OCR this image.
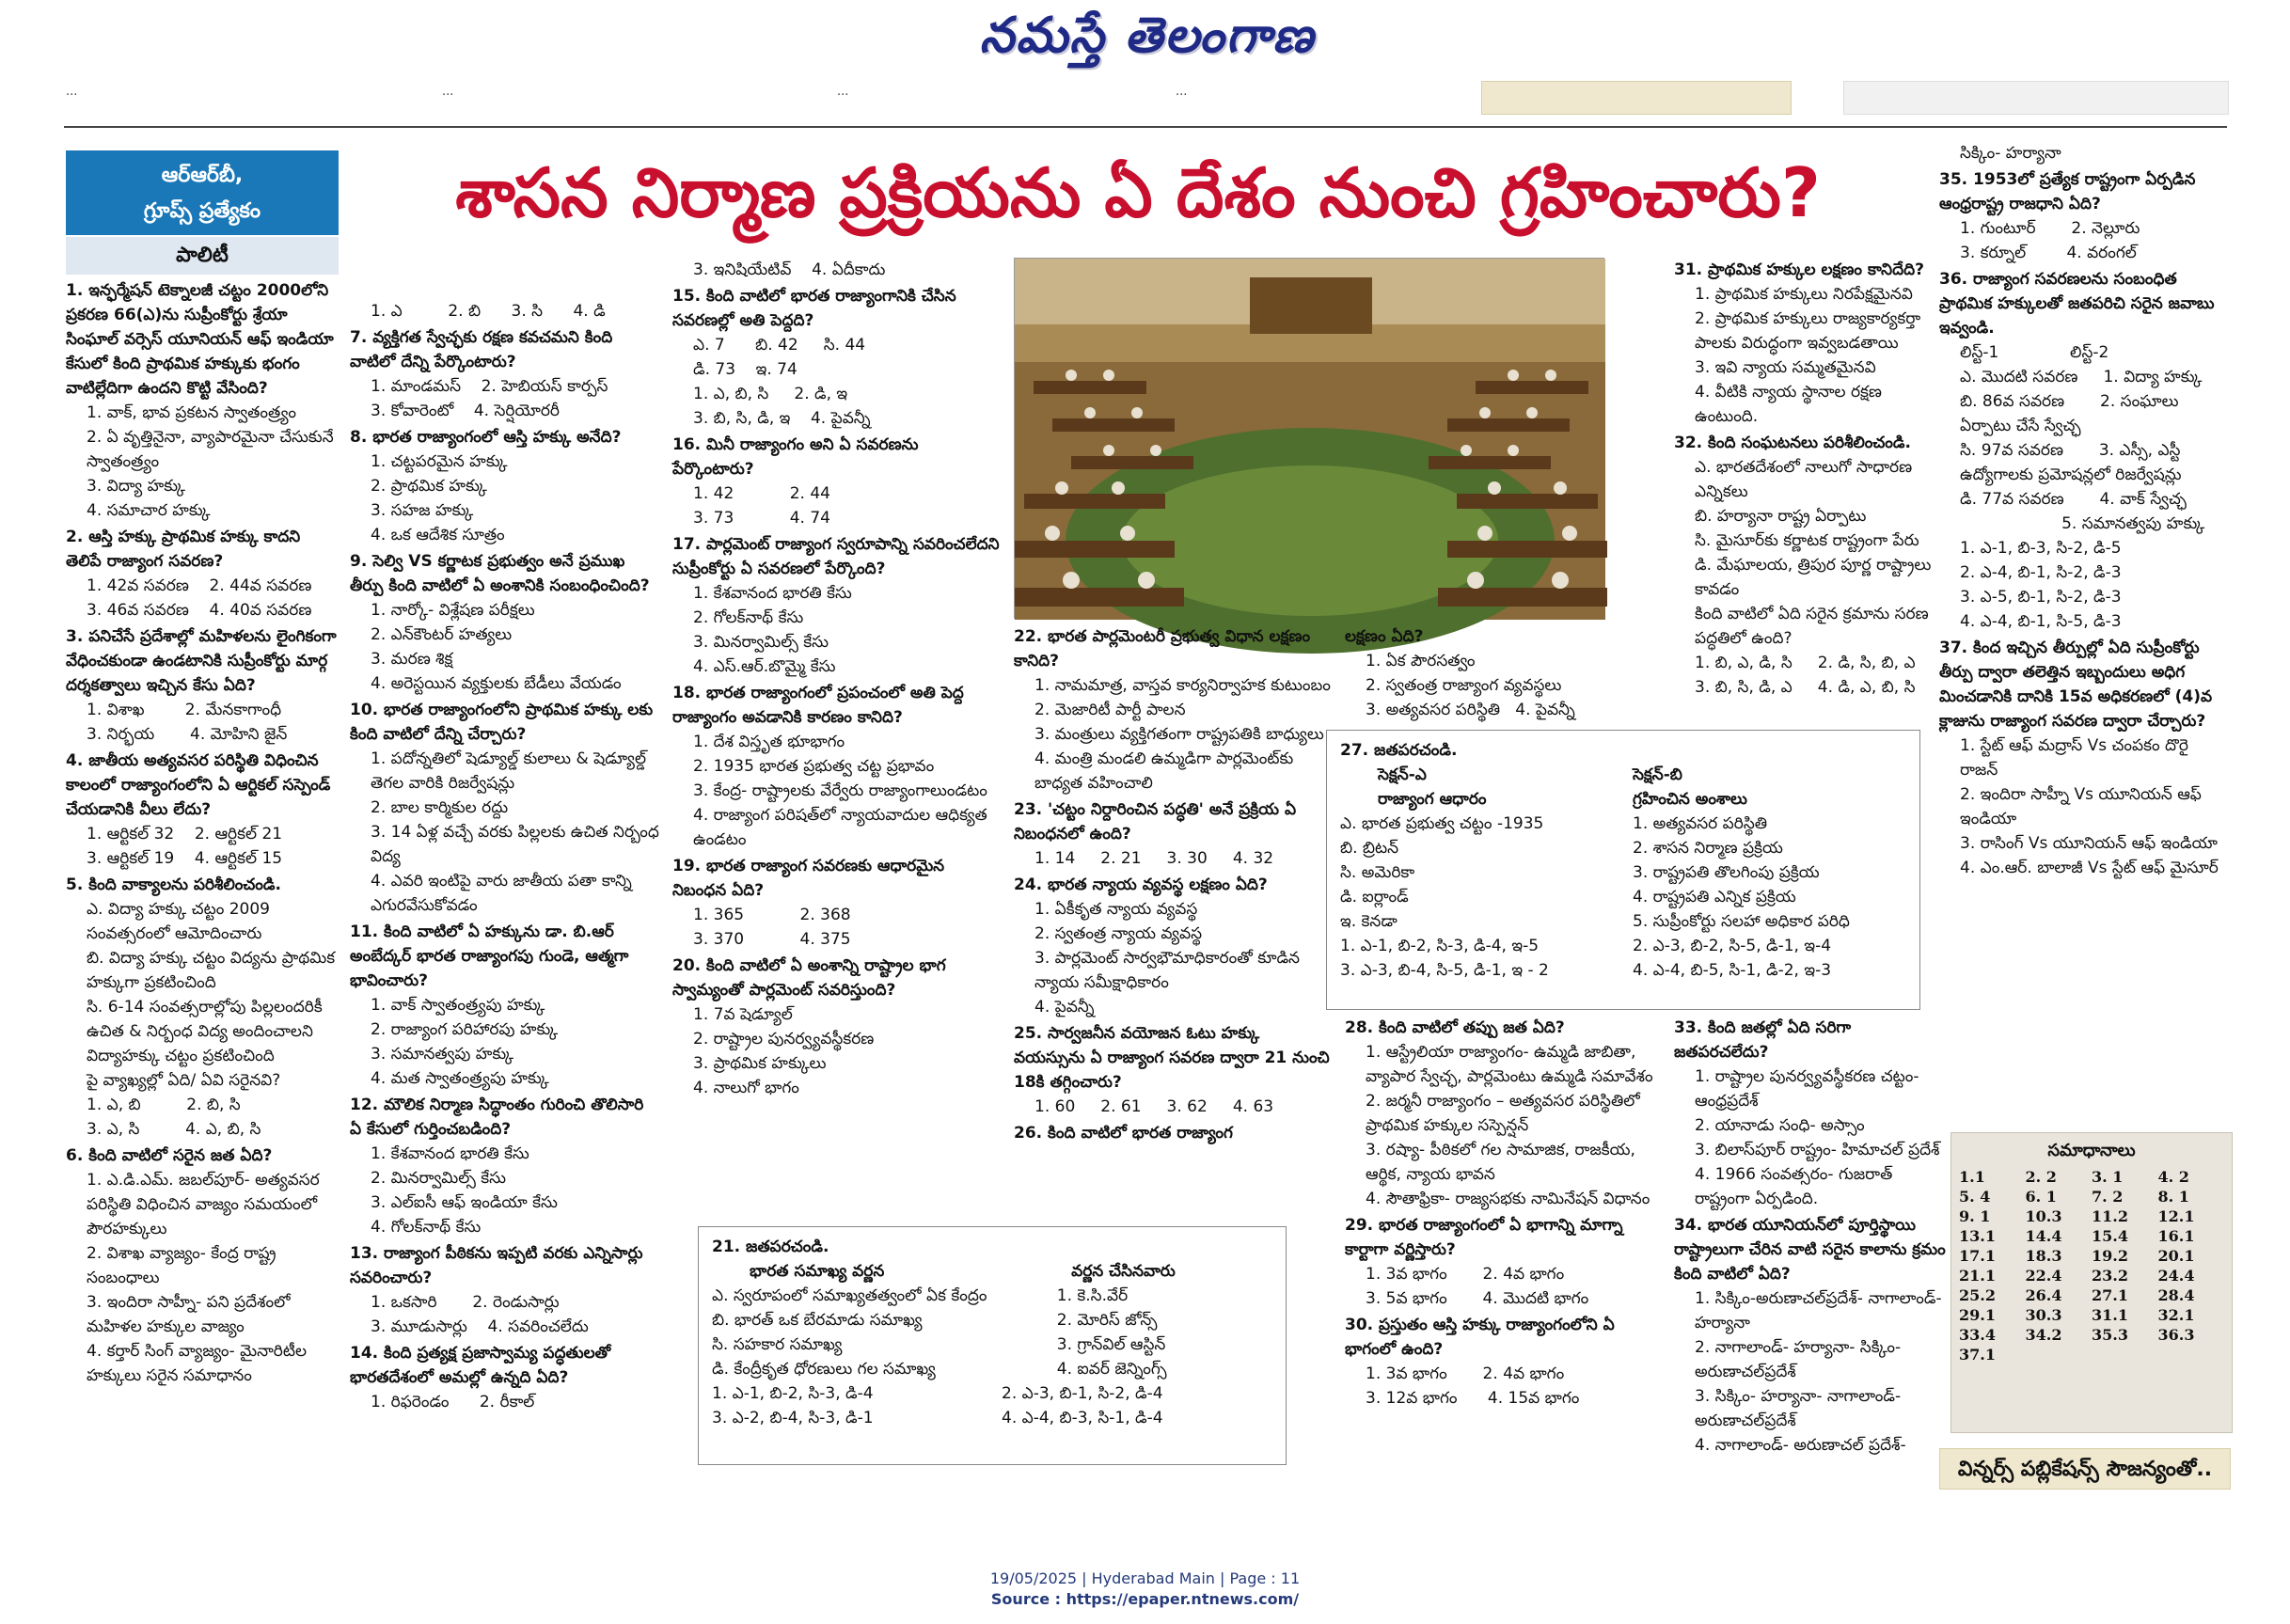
నమస్తే తెలంగాణ
...	...	...	...
ఆర్‌ఆర్‌బీ,
గ్రూప్స్ ప్రత్యేకం
పాలిటీ
శాసన నిర్మాణ ప్రక్రియను ఏ దేశం నుంచి గ్రహించారు?
1. ఇన్ఫర్మేషన్ టెక్నాలజీ చట్టం 2000లోని ప్రకరణ 66(ఎ)ను సుప్రీంకోర్టు శ్రేయా సింఘాల్ వర్సెస్ యూనియన్ ఆఫ్ ఇండియా కేసులో కింది ప్రాథమిక హక్కుకు భంగం వాటిల్లేదిగా ఉందని కొట్టి వేసింది?
1. వాక్, భావ ప్రకటన స్వాతంత్ర్యం
2. ఏ వృత్తినైనా, వ్యాపారమైనా చేసుకునే స్వాతంత్ర్యం
3. విద్యా హక్కు
4. సమాచార హక్కు
2. ఆస్తి హక్కు ప్రాథమిక హక్కు కాదని తెలిపే రాజ్యాంగ సవరణ?
1. 42వ సవరణ    2. 44వ సవరణ
3. 46వ సవరణ    4. 40వ సవరణ
3. పనిచేసే ప్రదేశాల్లో మహిళలను లైంగికంగా వేధించకుండా ఉండటానికి సుప్రీంకోర్టు మార్గ దర్శకత్వాలు ఇచ్చిన కేసు ఏది?
1. విశాఖ        2. మేనకాగాంధీ
3. నిర్భయ       4. మోహిని జైన్
4. జాతీయ అత్యవసర పరిస్థితి విధించిన కాలంలో రాజ్యాంగంలోని ఏ ఆర్టికల్ సస్పెండ్ చేయడానికి వీలు లేదు?
1. ఆర్టికల్ 32    2. ఆర్టికల్ 21
3. ఆర్టికల్ 19    4. ఆర్టికల్ 15
5. కింది వాక్యాలను పరిశీలించండి.
ఎ. విద్యా హక్కు చట్టం 2009 సంవత్సరంలో ఆమోదించారు
బి. విద్యా హక్కు చట్టం విద్యను ప్రాథమిక హక్కుగా ప్రకటించింది
సి. 6-14 సంవత్సరాల్లోపు పిల్లలందరికీ ఉచిత & నిర్బంధ విద్య అందించాలని విద్యాహక్కు చట్టం ప్రకటించింది
పై వ్యాఖ్యల్లో ఏది/ ఏవి సరైనవి?
1. ఎ, బి         2. బి, సి
3. ఎ, సి         4. ఎ, బి, సి
6. కింది వాటిలో సరైన జత ఏది?
1. ఎ.డి.ఎమ్. జబల్‌పూర్- అత్యవసర పరిస్థితి విధించిన వాజ్యం సమయంలో పౌరహక్కులు
2. విశాఖ వ్యాజ్యం- కేంద్ర రాష్ట్ర సంబంధాలు
3. ఇందిరా సాహ్నీ- పని ప్రదేశంలో మహిళల హక్కుల వాజ్యం
4. కర్తార్ సింగ్ వ్యాజ్యం- మైనారిటీల హక్కులు సరైన సమాధానం
1. ఎ         2. బి      3. సి      4. డి
7. వ్యక్తిగత స్వేచ్ఛకు రక్షణ కవచమని కింది వాటిలో దేన్ని పేర్కొంటారు?
1. మాండమస్    2. హెబియస్ కార్పస్
3. కోవారెంటో    4. సెర్షియోరరీ
8. భారత రాజ్యాంగంలో ఆస్తి హక్కు అనేది?
1. చట్టపరమైన హక్కు
2. ప్రాథమిక హక్కు
3. సహజ హక్కు
4. ఒక ఆదేశిక సూత్రం
9. సెల్వి VS కర్ణాటక ప్రభుత్వం అనే ప్రముఖ తీర్పు కింది వాటిలో ఏ అంశానికి సంబంధించింది?
1. నార్కో- విశ్లేషణ పరీక్షలు
2. ఎన్‌కౌంటర్ హత్యలు
3. మరణ శిక్ష
4. అరెస్టయిన వ్యక్తులకు బేడీలు వేయడం
10. భారత రాజ్యాంగంలోని ప్రాథమిక హక్కు లకు కింది వాటిలో దేన్ని చేర్చారు?
1. పదోన్నతిలో షెడ్యూల్డ్ కులాలు & షెడ్యూల్డ్ తెగల వారికి రిజర్వేషన్లు
2. బాల కార్మికుల రద్దు
3. 14 ఏళ్ల వచ్చే వరకు పిల్లలకు ఉచిత నిర్బంధ విద్య
4. ఎవరి ఇంటిపై వారు జాతీయ పతా కాన్ని ఎగురవేసుకోవడం
11. కింది వాటిలో ఏ హక్కును డా. బి.ఆర్ అంబేద్కర్ భారత రాజ్యాంగపు గుండె, ఆత్మగా భావించారు?
1. వాక్ స్వాతంత్ర్యపు హక్కు
2. రాజ్యాంగ పరిహారపు హక్కు
3. సమానత్వపు హక్కు
4. మత స్వాతంత్ర్యపు హక్కు
12. మౌలిక నిర్మాణ సిద్ధాంతం గురించి తొలిసారి ఏ కేసులో గుర్తించబడింది?
1. కేశవానంద భారతి కేసు
2. మినర్వామిల్స్ కేసు
3. ఎల్ఐసీ ఆఫ్ ఇండియా కేసు
4. గోలక్‌నాథ్ కేసు
13. రాజ్యాంగ పీఠికను ఇప్పటి వరకు ఎన్నిసార్లు సవరించారు?
1. ఒకసారి       2. రెండుసార్లు
3. మూడుసార్లు    4. సవరించలేదు
14. కింది ప్రత్యక్ష ప్రజాస్వామ్య పద్ధతులతో భారతదేశంలో అమల్లో ఉన్నది ఏది?
1. రిఫరెండం      2. రీకాల్
3. ఇనిషియేటివ్    4. ఏదీకాదు
15. కింది వాటిలో భారత రాజ్యాంగానికి చేసిన సవరణల్లో అతి పెద్దది?
ఎ. 7      బి. 42     సి. 44
డి. 73    ఇ. 74
1. ఎ, బి, సి     2. డి, ఇ
3. బి, సి, డి, ఇ    4. పైవన్నీ
16. మినీ రాజ్యాంగం అని ఏ సవరణను పేర్కొంటారు?
1. 42           2. 44
3. 73           4. 74
17. పార్లమెంట్ రాజ్యాంగ స్వరూపాన్ని సవరించలేదని సుప్రీంకోర్టు ఏ సవరణలో పేర్కొంది?
1. కేశవానంద భారతి కేసు
2. గోలక్‌నాథ్ కేసు
3. మినర్వామిల్స్ కేసు
4. ఎస్.ఆర్.బొమ్మై కేసు
18. భారత రాజ్యాంగంలో ప్రపంచంలో అతి పెద్ద రాజ్యాంగం అవడానికి కారణం కానిది?
1. దేశ విస్తృత భూభాగం
2. 1935 భారత ప్రభుత్వ చట్ట ప్రభావం
3. కేంద్ర- రాష్ట్రాలకు వేర్వేరు రాజ్యాంగాలుండటం
4. రాజ్యాంగ పరిషత్‌లో న్యాయవాదుల ఆధిక్యత ఉండటం
19. భారత రాజ్యాంగ సవరణకు ఆధారమైన నిబంధన ఏది?
1. 365           2. 368
3. 370           4. 375
20. కింది వాటిలో ఏ అంశాన్ని రాష్ట్రాల భాగ స్వామ్యంతో పార్లమెంట్ సవరిస్తుంది?
1. 7వ షెడ్యూల్
2. రాష్ట్రాల పునర్వ్యవస్థీకరణ
3. ప్రాథమిక హక్కులు
4. నాలుగో భాగం
22. భారత పార్లమెంటరీ ప్రభుత్వ విధాన లక్షణం కానిది?
1. నామమాత్ర, వాస్తవ కార్యనిర్వాహక కుటుంబం
2. మెజారిటీ పార్టీ పాలన
3. మంత్రులు వ్యక్తిగతంగా రాష్ట్రపతికి బాధ్యులు
4. మంత్రి మండలి ఉమ్మడిగా పార్లమెంట్‌కు బాధ్యత వహించాలి
23. 'చట్టం నిర్దారించిన పద్ధతి' అనే ప్రక్రియ ఏ నిబంధనలో ఉంది?
1. 14     2. 21     3. 30     4. 32
24. భారత న్యాయ వ్యవస్థ లక్షణం ఏది?
1. ఏకీకృత న్యాయ వ్యవస్థ
2. స్వతంత్ర న్యాయ వ్యవస్థ
3. పార్లమెంట్ సార్వభౌమాధికారంతో కూడిన న్యాయ సమీక్షాధికారం
4. పైవన్నీ
25. సార్వజనీన వయోజన ఓటు హక్కు వయస్సును ఏ రాజ్యాంగ సవరణ ద్వారా 21 నుంచి 18కి తగ్గించారు?
1. 60     2. 61     3. 62     4. 63
26. కింది వాటిలో భారత రాజ్యాంగ
లక్షణం ఏది?
1. ఏక పౌరసత్వం
2. స్వతంత్ర రాజ్యాంగ వ్యవస్థలు
3. అత్యవసర పరిస్థితి   4. పైవన్నీ
27. జతపరచండి.
సెక్షన్-ఎ
రాజ్యాంగ ఆధారం
సెక్షన్-బి
గ్రహించిన అంశాలు
ఎ. భారత ప్రభుత్వ చట్టం -1935	1. అత్యవసర పరిస్థితి
బి. బ్రిటన్	2. శాసన నిర్మాణ ప్రక్రియ
సి. అమెరికా	3. రాష్ట్రపతి తొలగింపు ప్రక్రియ
డి. ఐర్లాండ్	4. రాష్ట్రపతి ఎన్నిక ప్రక్రియ
ఇ. కెనడా	5. సుప్రీంకోర్టు సలహా అధికార పరిధి
1. ఎ-1, బి-2, సి-3, డి-4, ఇ-5	2. ఎ-3, బి-2, సి-5, డి-1, ఇ-4
3. ఎ-3, బి-4, సి-5, డి-1, ఇ - 2	4. ఎ-4, బి-5, సి-1, డి-2, ఇ-3
28. కింది వాటిలో తప్పు జత ఏది?
1. ఆస్ట్రేలియా రాజ్యాంగం- ఉమ్మడి జాబితా, వ్యాపార స్వేచ్ఛ, పార్లమెంటు ఉమ్మడి సమావేశం
2. జర్మనీ రాజ్యాంగం – అత్యవసర పరిస్థితిలో ప్రాథమిక హక్కుల సస్పెన్షన్
3. రష్యా- పీఠికలో గల సామాజిక, రాజకీయ, ఆర్థిక, న్యాయ భావన
4. సౌతాఫ్రికా- రాజ్యసభకు నామినేషన్ విధానం
29. భారత రాజ్యాంగంలో ఏ భాగాన్ని మాగ్నా కార్టాగా వర్ణిస్తారు?
1. 3వ భాగం       2. 4వ భాగం
3. 5వ భాగం       4. మొదటి భాగం
30. ప్రస్తుతం ఆస్తి హక్కు రాజ్యాంగంలోని ఏ భాగంలో ఉంది?
1. 3వ భాగం       2. 4వ భాగం
3. 12వ భాగం      4. 15వ భాగం
31. ప్రాథమిక హక్కుల లక్షణం కానిదేది?
1. ప్రాథమిక హక్కులు నిరపేక్షమైనవి
2. ప్రాథమిక హక్కులు రాజ్యకార్యకర్తా పాలకు విరుద్ధంగా ఇవ్వబడతాయి
3. ఇవి న్యాయ సమ్మతమైనవి
4. వీటికి న్యాయ స్థానాల రక్షణ ఉంటుంది.
32. కింది సంఘటనలు పరిశీలించండి.
ఎ. భారతదేశంలో నాలుగో సాధారణ ఎన్నికలు
బి. హర్యానా రాష్ట్ర ఏర్పాటు
సి. మైసూర్‌కు కర్ణాటక రాష్ట్రంగా పేరు
డి. మేఘాలయ, త్రిపుర పూర్ణ రాష్ట్రాలు కావడం
కింది వాటిలో ఏది సరైన క్రమాను సరణ పద్ధతిలో ఉంది?
1. బి, ఎ, డి, సి     2. డి, సి, బి, ఎ
3. బి, సి, డి, ఎ     4. డి, ఎ, బి, సి
33. కింది జతల్లో ఏది సరిగా జతపరచలేదు?
1. రాష్ట్రాల పునర్వ్యవస్థీకరణ చట్టం- ఆంధ్రప్రదేశ్
2. యానాడు సంధి- అస్సాం
3. బిలాస్‌పూర్ రాష్ట్రం- హిమాచల్ ప్రదేశ్
4. 1966 సంవత్సరం- గుజరాత్ రాష్ట్రంగా ఏర్పడింది.
34. భారత యూనియన్‌లో పూర్తిస్థాయి రాష్ట్రాలుగా చేరిన వాటి సరైన కాలాను క్రమం కింది వాటిలో ఏది?
1. సిక్కిం-అరుణాచల్‌ప్రదేశ్- నాగాలాండ్- హర్యానా
2. నాగాలాండ్- హర్యానా- సిక్కిం- అరుణాచల్‌ప్రదేశ్
3. సిక్కిం- హర్యానా- నాగాలాండ్-అరుణాచల్‌ప్రదేశ్
4. నాగాలాండ్- అరుణాచల్ ప్రదేశ్-
సిక్కిం- హర్యానా
35. 1953లో ప్రత్యేక రాష్ట్రంగా ఏర్పడిన ఆంధ్రరాష్ట్ర రాజధాని ఏది?
1. గుంటూర్       2. నెల్లూరు
3. కర్నూల్        4. వరంగల్
36. రాజ్యాంగ సవరణలను సంబంధిత ప్రాథమిక హక్కులతో జతపరిచి సరైన జవాబు ఇవ్వండి.
లిస్ట్-1              లిస్ట్-2
ఎ. మొదటి సవరణ     1. విద్యా హక్కు
బి. 86వ సవరణ       2. సంఘాలు ఏర్పాటు చేసే స్వేచ్ఛ
సి. 97వ సవరణ       3. ఎస్సీ, ఎస్టీ ఉద్యోగాలకు ప్రమోషన్లలో రిజర్వేషన్లు
డి. 77వ సవరణ       4. వాక్ స్వేచ్ఛ
5. సమానత్వపు హక్కు
1. ఎ-1, బి-3, సి-2, డి-5
2. ఎ-4, బి-1, సి-2, డి-3
3. ఎ-5, బి-1, సి-2, డి-3
4. ఎ-4, బి-1, సి-5, డి-3
37. కింద ఇచ్చిన తీర్పుల్లో ఏది సుప్రీంకోర్టు తీర్పు ద్వారా తలెత్తిన ఇబ్బందులు అధిగ మించడానికి దానికి 15వ అధికరణలో (4)వ క్లాజును రాజ్యాంగ సవరణ ద్వారా చేర్చారు?
1. స్టేట్ ఆఫ్ మద్రాస్ Vs చంపకం దొరై రాజన్
2. ఇందిరా సాహ్నీ Vs యూనియన్ ఆఫ్ ఇండియా
3. రాసింగ్ Vs యూనియన్ ఆఫ్ ఇండియా
4. ఎం.ఆర్. బాలాజీ Vs స్టేట్ ఆఫ్ మైసూర్
21. జతపరచండి.
భారత సమాఖ్య వర్ణన	వర్ణన చేసినవారు
ఎ. స్వరూపంలో సమాఖ్యతత్వంలో ఏక కేంద్రం	1. కె.సి.వేర్
బి. భారత్ ఒక బేరమాడు సమాఖ్య	2. మోరిస్ జోన్స్
సి. సహకార సమాఖ్య	3. గ్రాన్‌విల్ ఆస్టిన్
డి. కేంద్రీకృత ధోరణులు గల సమాఖ్య	4. ఐవర్ జెన్నింగ్స్
1. ఎ-1, బి-2, సి-3, డి-4	2. ఎ-3, బి-1, సి-2, డి-4
3. ఎ-2, బి-4, సి-3, డి-1	4. ఎ-4, బి-3, సి-1, డి-4
సమాధానాలు
1.1	2. 2	3. 1	4. 2
5. 4	6. 1	7. 2	8. 1
9. 1	10.3	11.2	12.1
13.1	14.4	15.4	16.1
17.1	18.3	19.2	20.1
21.1	22.4	23.2	24.4
25.2	26.4	27.1	28.4
29.1	30.3	31.1	32.1
33.4	34.2	35.3	36.3
37.1
విన్నర్స్ పబ్లికేషన్స్ సౌజన్యంతో..
19/05/2025 | Hyderabad Main | Page : 11
Source : https://epaper.ntnews.com/
